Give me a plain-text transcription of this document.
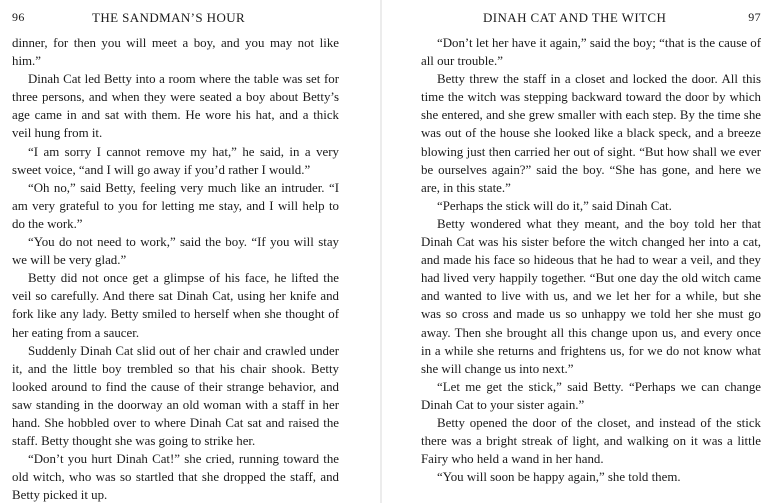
96	THE SANDMAN’S HOUR

dinner, for then you will meet a boy, and you may not like him.”

Dinah Cat led Betty into a room where the table was set for three persons, and when they were seated a boy about Betty’s age came in and sat with them. He wore his hat, and a thick veil hung from it.

“I am sorry I cannot remove my hat,” he said, in a very sweet voice, “and I will go away if you’d rather I would.”

“Oh no,” said Betty, feeling very much like an intruder. “I am very grateful to you for letting me stay, and I will help to do the work.”

“You do not need to work,” said the boy. “If you will stay we will be very glad.”

Betty did not once get a glimpse of his face, he lifted the veil so carefully. And there sat Dinah Cat, using her knife and fork like any lady. Betty smiled to herself when she thought of her eating from a saucer.

Suddenly Dinah Cat slid out of her chair and crawled under it, and the little boy trembled so that his chair shook. Betty looked around to find the cause of their strange behavior, and saw standing in the doorway an old woman with a staff in her hand. She hobbled over to where Dinah Cat sat and raised the staff. Betty thought she was going to strike her.

“Don’t you hurt Dinah Cat!” she cried, running toward the old witch, who was so startled that she dropped the staff, and Betty picked it up.

DINAH CAT AND THE WITCH	97

“Don’t let her have it again,” said the boy; “that is the cause of all our trouble.”

Betty threw the staff in a closet and locked the door. All this time the witch was stepping backward toward the door by which she entered, and she grew smaller with each step. By the time she was out of the house she looked like a black speck, and a breeze blowing just then carried her out of sight. “But how shall we ever be ourselves again?” said the boy. “She has gone, and here we are, in this state.”

“Perhaps the stick will do it,” said Dinah Cat.

Betty wondered what they meant, and the boy told her that Dinah Cat was his sister before the witch changed her into a cat, and made his face so hideous that he had to wear a veil, and they had lived very happily together. “But one day the old witch came and wanted to live with us, and we let her for a while, but she was so cross and made us so unhappy we told her she must go away. Then she brought all this change upon us, and every once in a while she returns and frightens us, for we do not know what she will change us into next.”

“Let me get the stick,” said Betty. “Perhaps we can change Dinah Cat to your sister again.”

Betty opened the door of the closet, and instead of the stick there was a bright streak of light, and walking on it was a little Fairy who held a wand in her hand.

“You will soon be happy again,” she told them.
